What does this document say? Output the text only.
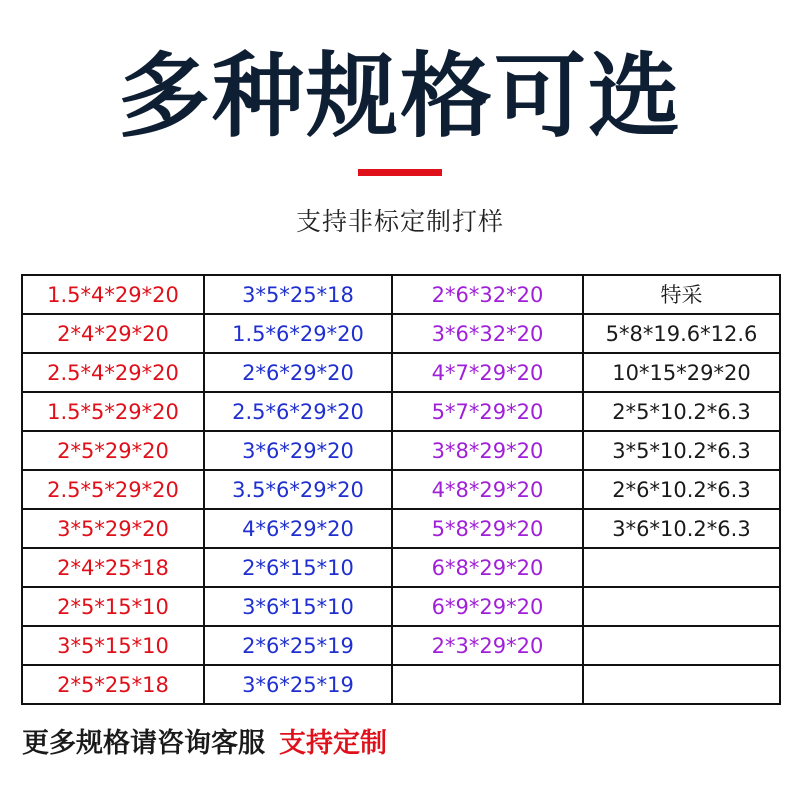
多种规格可选
支持非标定制打样
1.5*4*29*20	3*5*25*18	2*6*32*20	特采
2*4*29*20	1.5*6*29*20	3*6*32*20	5*8*19.6*12.6
2.5*4*29*20	2*6*29*20	4*7*29*20	10*15*29*20
1.5*5*29*20	2.5*6*29*20	5*7*29*20	2*5*10.2*6.3
2*5*29*20	3*6*29*20	3*8*29*20	3*5*10.2*6.3
2.5*5*29*20	3.5*6*29*20	4*8*29*20	2*6*10.2*6.3
3*5*29*20	4*6*29*20	5*8*29*20	3*6*10.2*6.3
2*4*25*18	2*6*15*10	6*8*29*20	
2*5*15*10	3*6*15*10	6*9*29*20	
3*5*15*10	2*6*25*19	2*3*29*20	
2*5*25*18	3*6*25*19		
更多规格请咨询客服 支持定制
